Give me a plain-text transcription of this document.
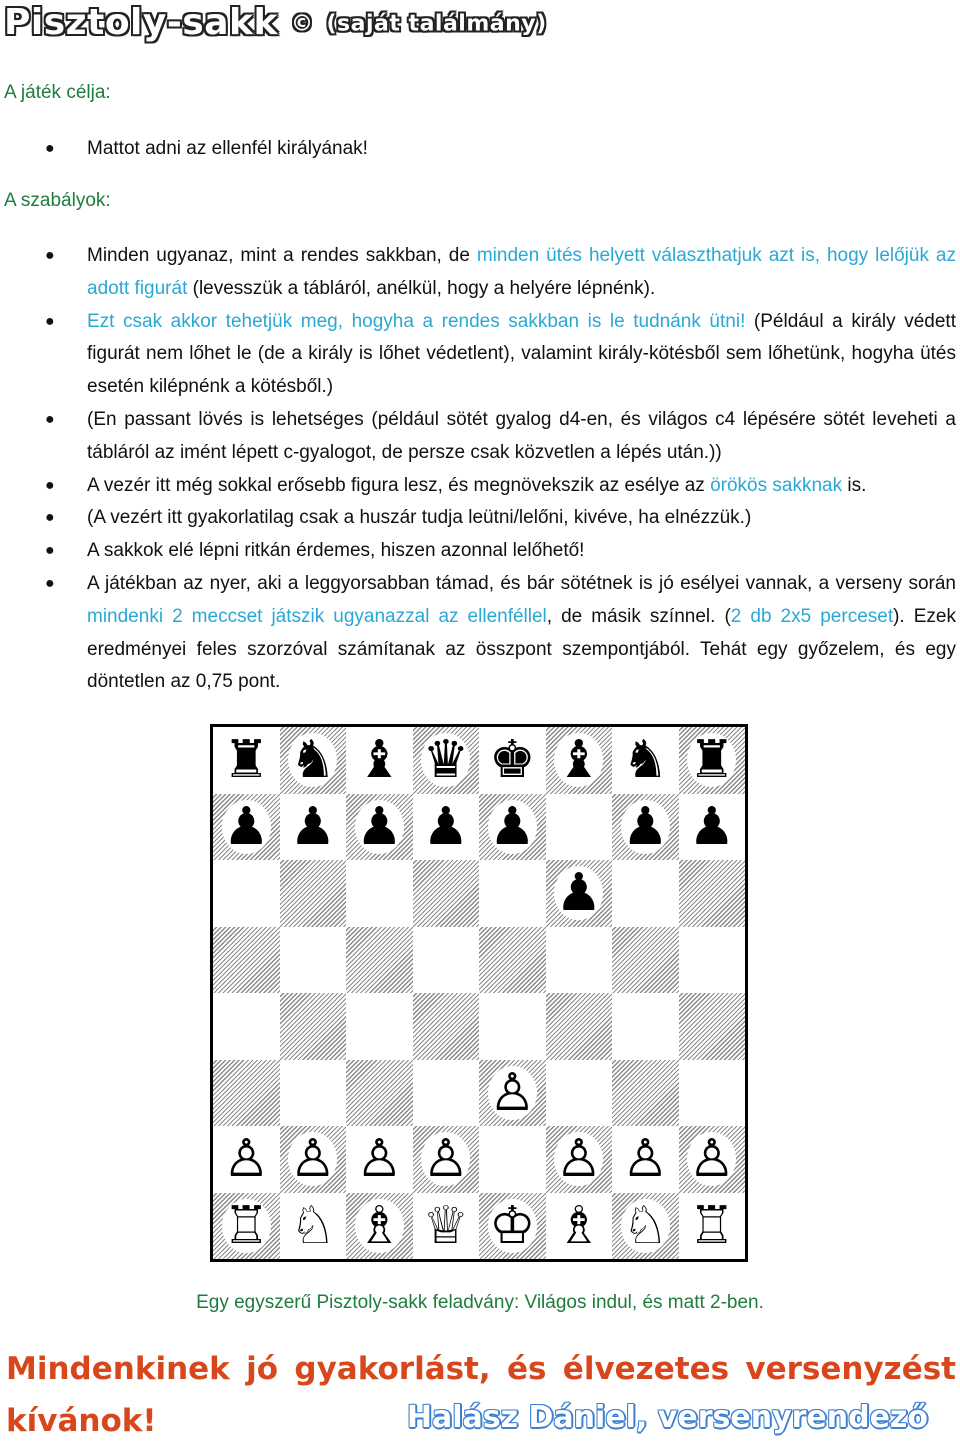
Pisztoly-sakk © (saját találmány)

A játék célja:

● Mattot adni az ellenfél királyának!

A szabályok:

● Minden ugyanaz, mint a rendes sakkban, de minden ütés helyett választhatjuk azt is, hogy lelőjük az adott figurát (levesszük a tábláról, anélkül, hogy a helyére lépnénk).
● Ezt csak akkor tehetjük meg, hogyha a rendes sakkban is le tudnánk ütni! (Például a király védett figurát nem lőhet le (de a király is lőhet védetlent), valamint király-kötésből sem lőhetünk, hogyha ütés esetén kilépnénk a kötésből.)
● (En passant lövés is lehetséges (például sötét gyalog d4-en, és világos c4 lépésére sötét leveheti a tábláról az imént lépett c-gyalogot, de persze csak közvetlen a lépés után.))
● A vezér itt még sokkal erősebb figura lesz, és megnövekszik az esélye az örökös sakknak is.
● (A vezért itt gyakorlatilag csak a huszár tudja leütni/lelőni, kivéve, ha elnézzük.)
● A sakkok elé lépni ritkán érdemes, hiszen azonnal lelőhető!
● A játékban az nyer, aki a leggyorsabban támad, és bár sötétnek is jó esélyei vannak, a verseny során mindenki 2 meccset játszik ugyanazzal az ellenféllel, de másik színnel. (2 db 2x5 perceset). Ezek eredményei feles szorzóval számítanak az összpont szempontjából. Tehát egy győzelem, és egy döntetlen az 0,75 pont.
♜ ♞ ♝ ♛ ♚ ♝ ♞ ♜
♟ ♟ ♟ ♟ ♟ ♟ ♟
♟
♙
♙ ♙ ♙ ♙ ♙ ♙ ♙
♖ ♘ ♗ ♕ ♔ ♗ ♘ ♖

Egy egyszerű Pisztoly-sakk feladvány: Világos indul, és matt 2-ben.

Mindenkinek jó gyakorlást, és élvezetes versenyzést

kívánok!	Halász Dániel, versenyrendező
